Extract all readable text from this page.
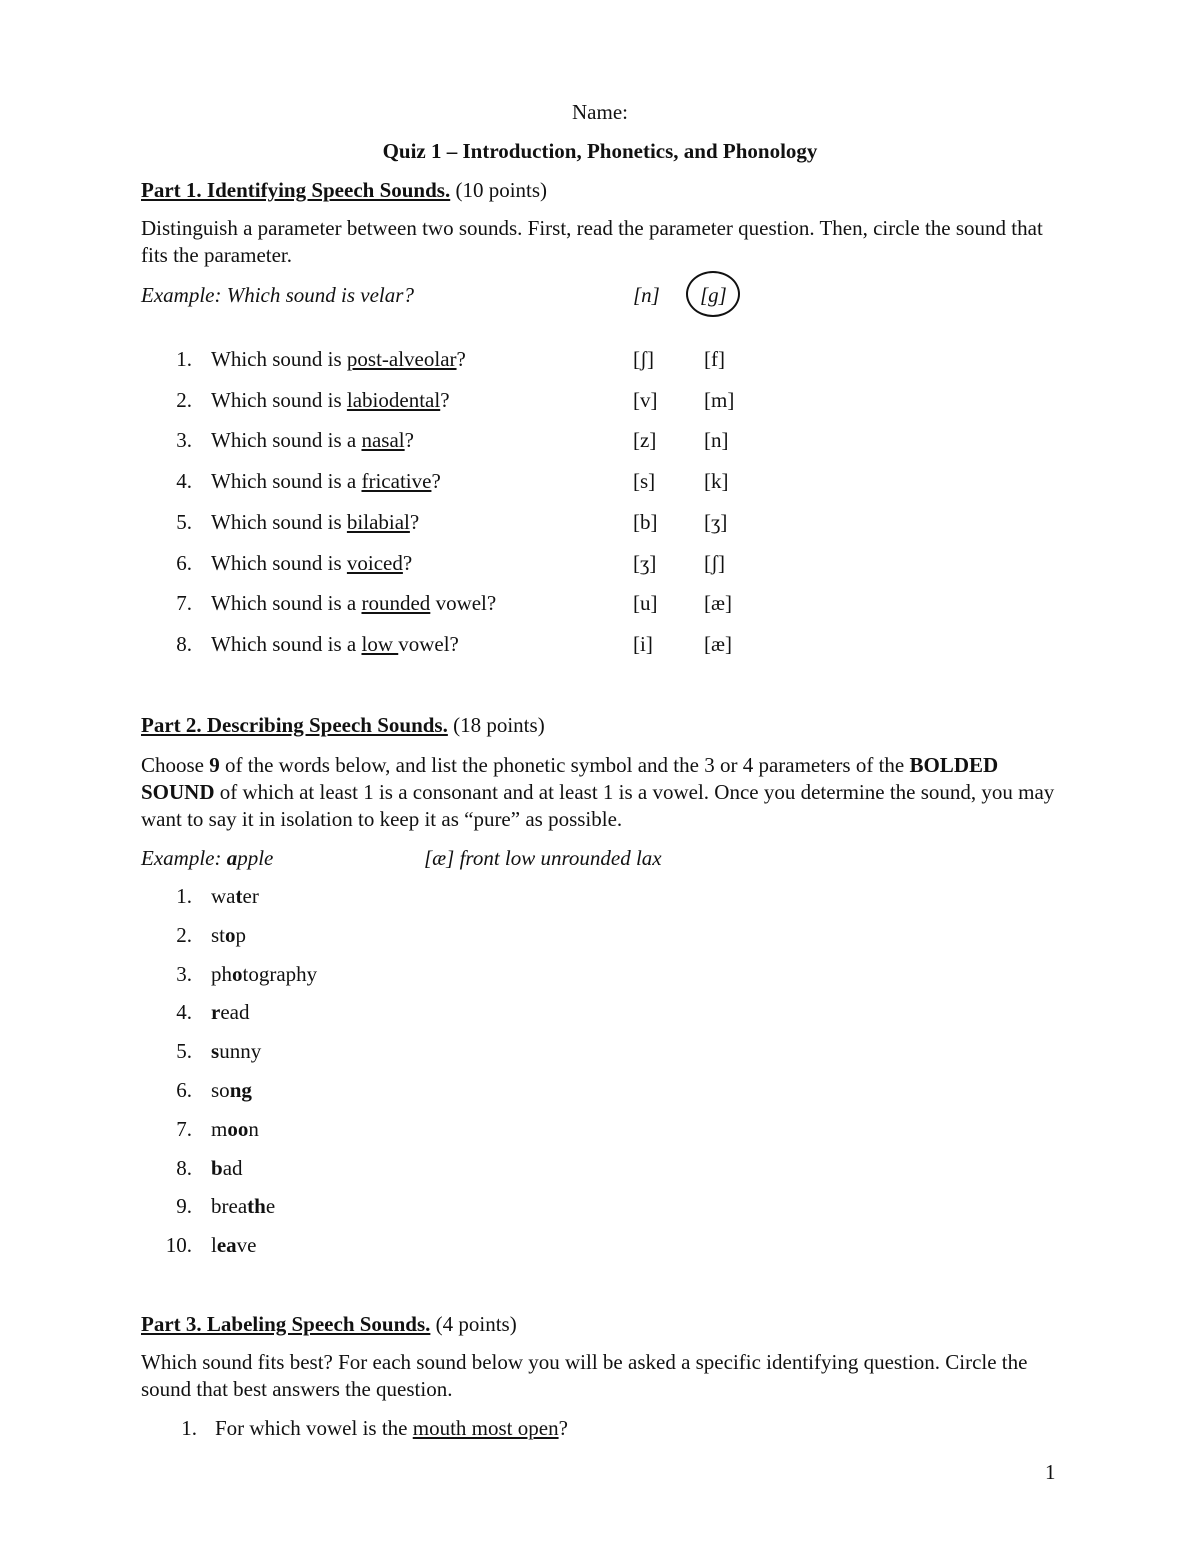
Name:
Quiz 1 – Introduction, Phonetics, and Phonology
Part 1. Identifying Speech Sounds. (10 points)
Distinguish a parameter between two sounds. First, read the parameter question. Then, circle the sound that fits the parameter.
Example: Which sound is velar?	[n] [g]
1. Which sound is post-alveolar?	[ʃ] [f]
2. Which sound is labiodental?	[v] [m]
3. Which sound is a nasal?	[z] [n]
4. Which sound is a fricative?	[s] [k]
5. Which sound is bilabial?	[b] [ʒ]
6. Which sound is voiced?	[ʒ] [ʃ]
7. Which sound is a rounded vowel?	[u] [æ]
8. Which sound is a low vowel?	[i] [æ]
Part 2. Describing Speech Sounds. (18 points)
Choose 9 of the words below, and list the phonetic symbol and the 3 or 4 parameters of the BOLDED SOUND of which at least 1 is a consonant and at least 1 is a vowel. Once you determine the sound, you may want to say it in isolation to keep it as “pure” as possible.
Example: apple	[æ] front low unrounded lax
1. water
2. stop
3. photography
4. read
5. sunny
6. song
7. moon
8. bad
9. breathe
10. leave
Part 3. Labeling Speech Sounds. (4 points)
Which sound fits best? For each sound below you will be asked a specific identifying question. Circle the sound that best answers the question.
1. For which vowel is the mouth most open?
1
